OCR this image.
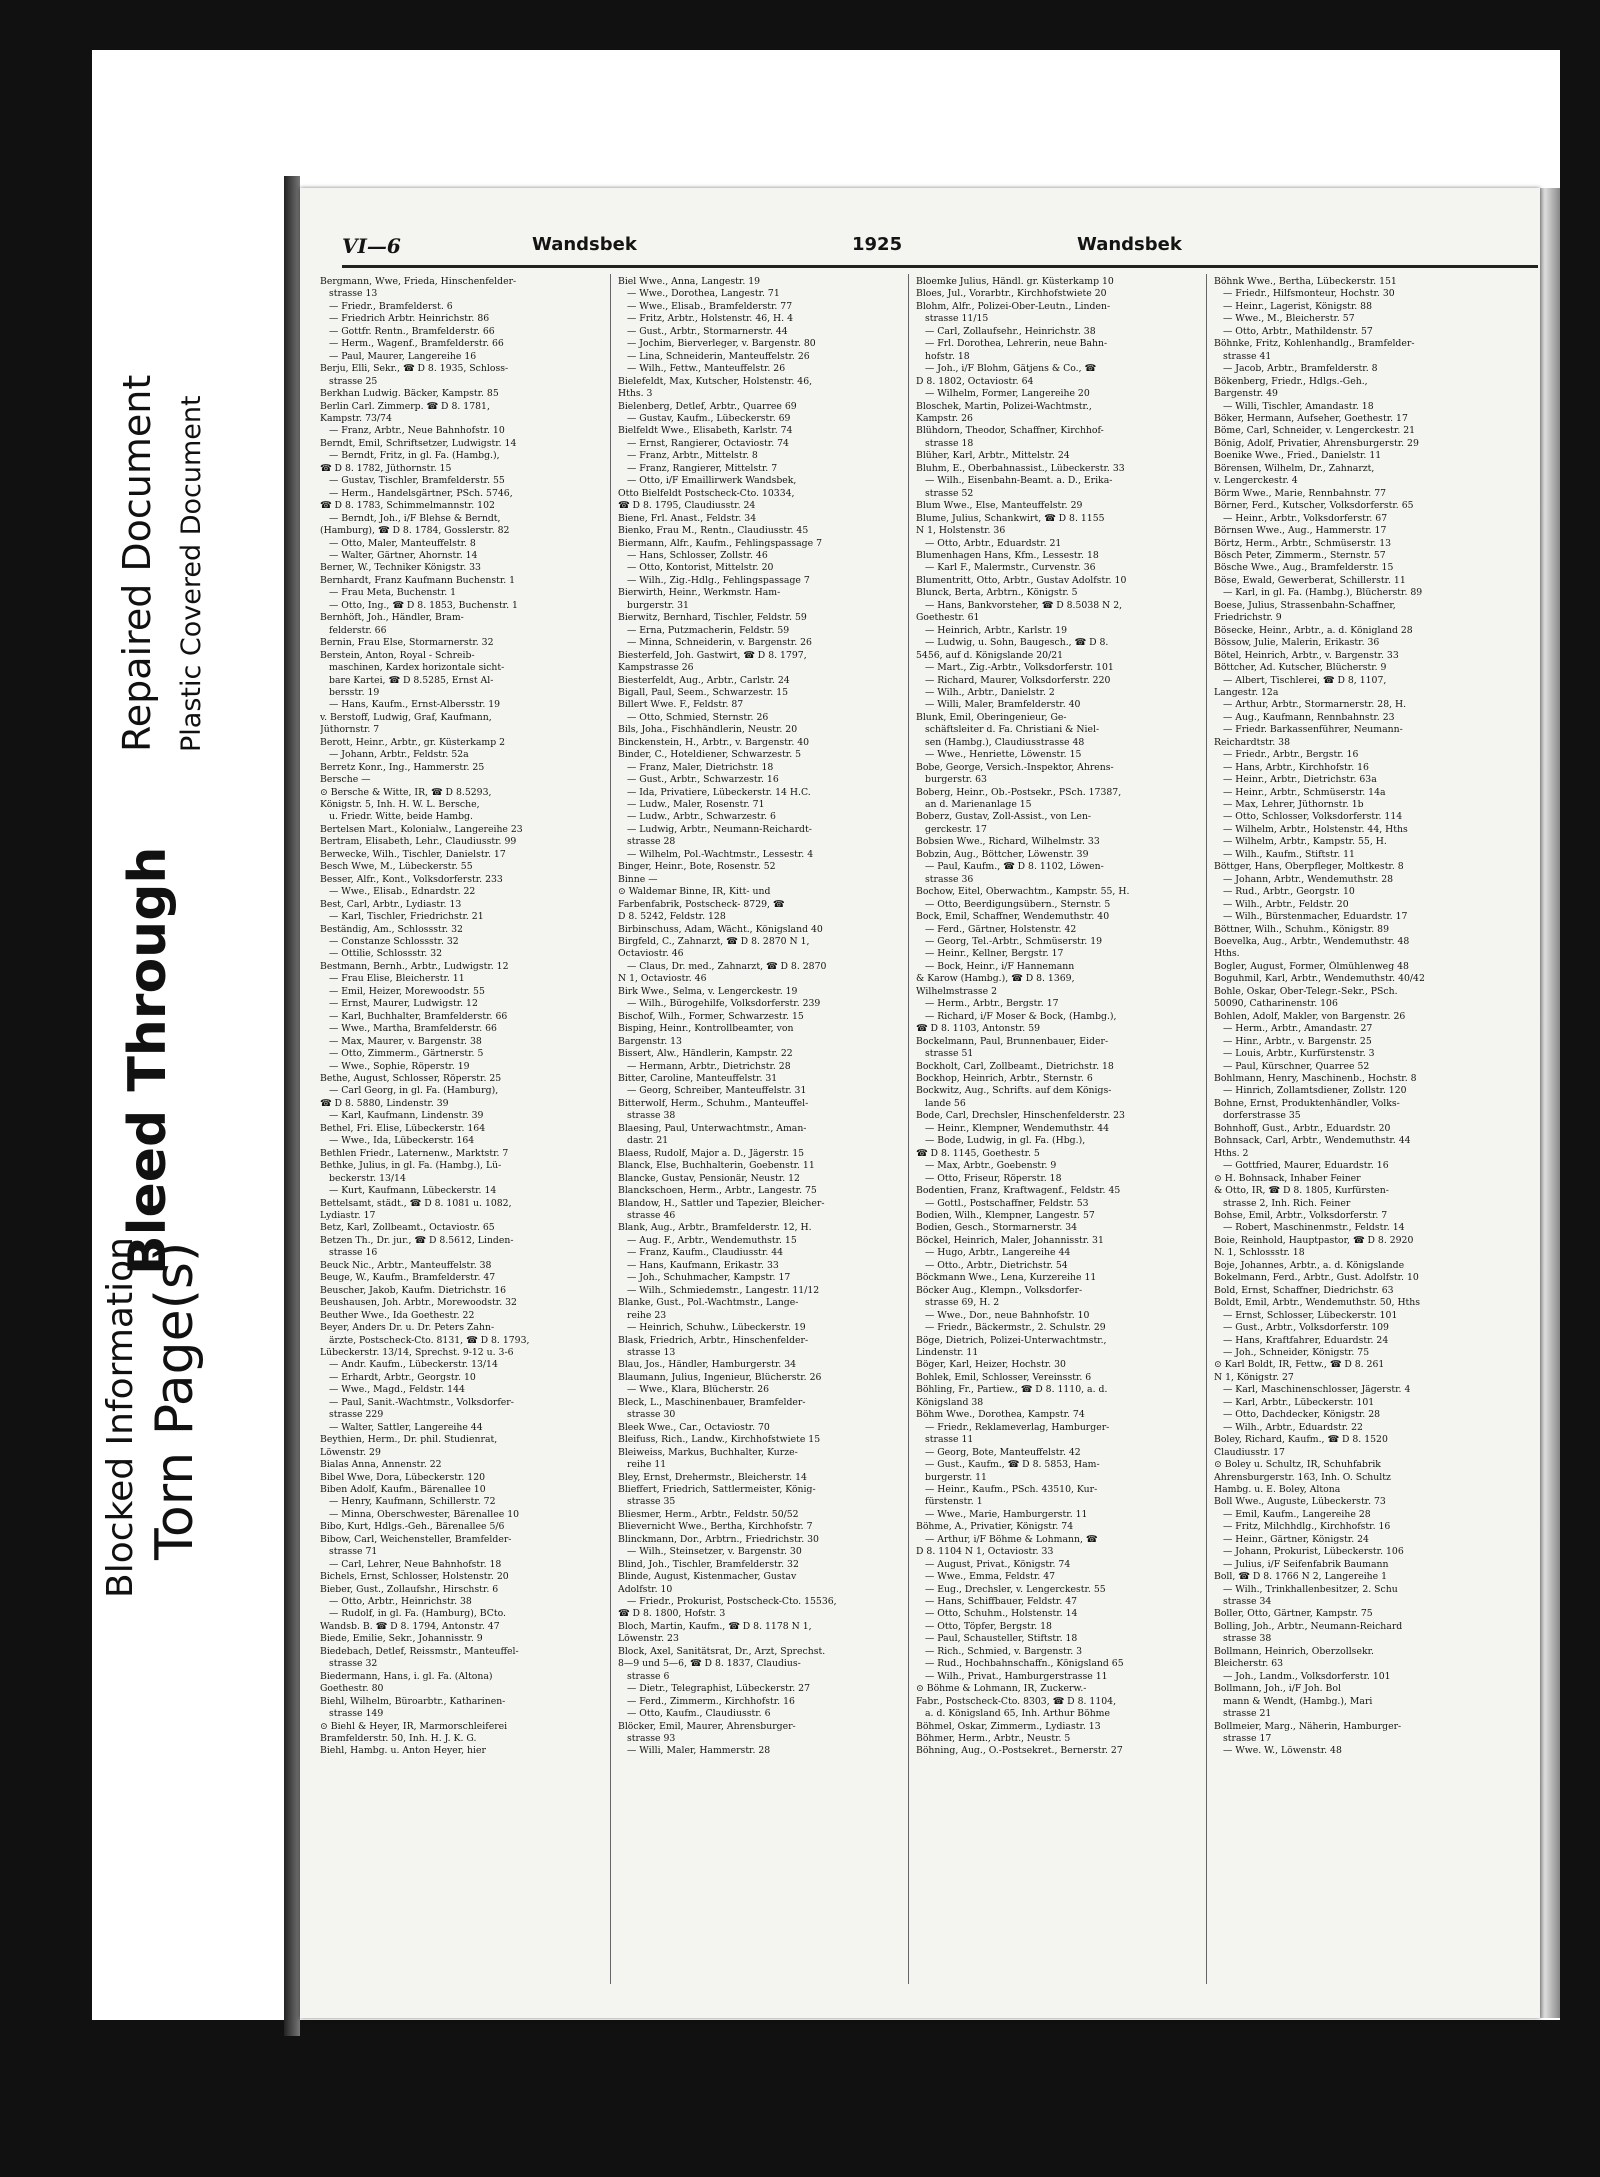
Blocked Information Torn Page(s)
Bleed Through
Repaired Document Plastic Covered Document
VI—6	Wandsbek	1925	Wandsbek
Bergmann, Wwe, Frieda, Hinschenfelder-
strasse 13
— Friedr., Bramfelderst. 6
— Friedrich Arbtr. Heinrichstr. 86
— Gottfr. Rentn., Bramfelderstr. 66
— Herm., Wagenf., Bramfelderstr. 66
— Paul, Maurer, Langereihe 16
Berju, Elli, Sekr., ☎ D 8. 1935, Schloss-
strasse 25
Berkhan Ludwig. Bäcker, Kampstr. 85
Berlin Carl. Zimmerp. ☎ D 8. 1781,
Kampstr. 73/74
— Franz, Arbtr., Neue Bahnhofstr. 10
Berndt, Emil, Schriftsetzer, Ludwigstr. 14
— Berndt, Fritz, in gl. Fa. (Hambg.),
☎ D 8. 1782, Jüthornstr. 15
— Gustav, Tischler, Bramfelderstr. 55
— Herm., Handelsgärtner, PSch. 5746,
☎ D 8. 1783, Schimmelmannstr. 102
— Berndt, Joh., i/F Blehse & Berndt,
(Hamburg), ☎ D 8. 1784, Gosslerstr. 82
— Otto, Maler, Manteuffelstr. 8
— Walter, Gärtner, Ahornstr. 14
Berner, W., Techniker Königstr. 33
Bernhardt, Franz Kaufmann Buchenstr. 1
— Frau Meta, Buchenstr. 1
— Otto, Ing., ☎ D 8. 1853, Buchenstr. 1
Bernhöft, Joh., Händler, Bram-
felderstr. 66
Bernin, Frau Else, Stormarnerstr. 32
Berstein, Anton, Royal - Schreib-
maschinen, Kardex horizontale sicht-
bare Kartei, ☎ D 8.5285, Ernst Al-
bersstr. 19
— Hans, Kaufm., Ernst-Albersstr. 19
v. Berstoff, Ludwig, Graf, Kaufmann,
Jüthornstr. 7
Berott, Heinr., Arbtr., gr. Küsterkamp 2
— Johann, Arbtr., Feldstr. 52a
Berretz Konr., Ing., Hammerstr. 25
Bersche —
⊙ Bersche & Witte, IR, ☎ D 8.5293,
Königstr. 5, Inh. H. W. L. Bersche,
u. Friedr. Witte, beide Hambg.
Bertelsen Mart., Kolonialw., Langereihe 23
Bertram, Elisabeth, Lehr., Claudiusstr. 99
Berwecke, Wilh., Tischler, Danielstr. 17
Besch Wwe, M., Lübeckerstr. 55
Besser, Alfr., Kont., Volksdorferstr. 233
— Wwe., Elisab., Ednardstr. 22
Best, Carl, Arbtr., Lydiastr. 13
— Karl, Tischler, Friedrichstr. 21
Beständig, Am., Schlossstr. 32
— Constanze Schlossstr. 32
— Ottilie, Schlossstr. 32
Bestmann, Bernh., Arbtr., Ludwigstr. 12
— Frau Elise, Bleicherstr. 11
— Emil, Heizer, Morewoodstr. 55
— Ernst, Maurer, Ludwigstr. 12
— Karl, Buchhalter, Bramfelderstr. 66
— Wwe., Martha, Bramfelderstr. 66
— Max, Maurer, v. Bargenstr. 38
— Otto, Zimmerm., Gärtnerstr. 5
— Wwe., Sophie, Röperstr. 19
Bethe, August, Schlosser, Röperstr. 25
— Carl Georg, in gl. Fa. (Hamburg),
☎ D 8. 5880, Lindenstr. 39
— Karl, Kaufmann, Lindenstr. 39
Bethel, Fri. Elise, Lübeckerstr. 164
— Wwe., Ida, Lübeckerstr. 164
Bethlen Friedr., Laternenw., Marktstr. 7
Bethke, Julius, in gl. Fa. (Hambg.), Lü-
beckerstr. 13/14
— Kurt, Kaufmann, Lübeckerstr. 14
Bettelsamt, städt., ☎ D 8. 1081 u. 1082,
Lydiastr. 17
Betz, Karl, Zollbeamt., Octaviostr. 65
Betzen Th., Dr. jur., ☎ D 8.5612, Linden-
strasse 16
Beuck Nic., Arbtr., Manteuffelstr. 38
Beuge, W., Kaufm., Bramfelderstr. 47
Beuscher, Jakob, Kaufm. Dietrichstr. 16
Beushausen, Joh. Arbtr., Morewoodstr. 32
Beuther Wwe., Ida Goethestr. 22
Beyer, Anders Dr. u. Dr. Peters Zahn-
ärzte, Postscheck-Cto. 8131, ☎ D 8. 1793,
Lübeckerstr. 13/14, Sprechst. 9-12 u. 3-6
— Andr. Kaufm., Lübeckerstr. 13/14
— Erhardt, Arbtr., Georgstr. 10
— Wwe., Magd., Feldstr. 144
— Paul, Sanit.-Wachtmstr., Volksdorfer-
strasse 229
— Walter, Sattler, Langereihe 44
Beythien, Herm., Dr. phil. Studienrat,
Löwenstr. 29
Bialas Anna, Annenstr. 22
Bibel Wwe, Dora, Lübeckerstr. 120
Biben Adolf, Kaufm., Bärenallee 10
— Henry, Kaufmann, Schillerstr. 72
— Minna, Oberschwester, Bärenallee 10
Bibo, Kurt, Hdlgs.-Geh., Bärenallee 5/6
Bibow, Carl, Weichensteller, Bramfelder-
strasse 71
— Carl, Lehrer, Neue Bahnhofstr. 18
Bichels, Ernst, Schlosser, Holstenstr. 20
Bieber, Gust., Zollaufshr., Hirschstr. 6
— Otto, Arbtr., Heinrichstr. 38
— Rudolf, in gl. Fa. (Hamburg), BCto.
Wandsb. B. ☎ D 8. 1794, Antonstr. 47
Biede, Emilie, Sekr., Johannisstr. 9
Biedebach, Detlef, Reissmstr., Manteuffel-
strasse 32
Biedermann, Hans, i. gl. Fa. (Altona)
Goethestr. 80
Biehl, Wilhelm, Büroarbtr., Katharinen-
strasse 149
⊙ Biehl & Heyer, IR, Marmorschleiferei
Bramfelderstr. 50, Inh. H. J. K. G.
Biehl, Hambg. u. Anton Heyer, hier
Biel Wwe., Anna, Langestr. 19
— Wwe., Dorothea, Langestr. 71
— Wwe., Elisab., Bramfelderstr. 77
— Fritz, Arbtr., Holstenstr. 46, H. 4
— Gust., Arbtr., Stormarnerstr. 44
— Jochim, Bierverleger, v. Bargenstr. 80
— Lina, Schneiderin, Manteuffelstr. 26
— Wilh., Fettw., Manteuffelstr. 26
Bielefeldt, Max, Kutscher, Holstenstr. 46,
Hths. 3
Bielenberg, Detlef, Arbtr., Quarree 69
— Gustav, Kaufm., Lübeckerstr. 69
Bielfeldt Wwe., Elisabeth, Karlstr. 74
— Ernst, Rangierer, Octaviostr. 74
— Franz, Arbtr., Mittelstr. 8
— Franz, Rangierer, Mittelstr. 7
— Otto, i/F Emaillirwerk Wandsbek,
Otto Bielfeldt Postscheck-Cto. 10334,
☎ D 8. 1795, Claudiusstr. 24
Biene, Frl. Anast., Feldstr. 34
Bienko, Frau M., Rentn., Claudiusstr. 45
Biermann, Alfr., Kaufm., Fehlingspassage 7
— Hans, Schlosser, Zollstr. 46
— Otto, Kontorist, Mittelstr. 20
— Wilh., Zig.-Hdlg., Fehlingspassage 7
Bierwirth, Heinr., Werkmstr. Ham-
burgerstr. 31
Bierwitz, Bernhard, Tischler, Feldstr. 59
— Erna, Putzmacherin, Feldstr. 59
— Minna, Schneiderin, v. Bargenstr. 26
Biesterfeld, Joh. Gastwirt, ☎ D 8. 1797,
Kampstrasse 26
Biesterfeldt, Aug., Arbtr., Carlstr. 24
Bigall, Paul, Seem., Schwarzestr. 15
Billert Wwe. F., Feldstr. 87
— Otto, Schmied, Sternstr. 26
Bils, Joha., Fischhändlerin, Neustr. 20
Binckenstein, H., Arbtr., v. Bargenstr. 40
Binder, C., Hoteldiener, Schwarzestr. 5
— Franz, Maler, Dietrichstr. 18
— Gust., Arbtr., Schwarzestr. 16
— Ida, Privatiere, Lübeckerstr. 14 H.C.
— Ludw., Maler, Rosenstr. 71
— Ludw., Arbtr., Schwarzestr. 6
— Ludwig, Arbtr., Neumann-Reichardt-
strasse 28
— Wilhelm, Pol.-Wachtmstr., Lessestr. 4
Binger, Heinr., Bote, Rosenstr. 52
Binne —
⊙ Waldemar Binne, IR, Kitt- und
Farbenfabrik, Postscheck- 8729, ☎
D 8. 5242, Feldstr. 128
Birbinschuss, Adam, Wächt., Königsland 40
Birgfeld, C., Zahnarzt, ☎ D 8. 2870 N 1,
Octaviostr. 46
— Claus, Dr. med., Zahnarzt, ☎ D 8. 2870
N 1, Octaviostr. 46
Birk Wwe., Selma, v. Lengerckestr. 19
— Wilh., Bürogehilfe, Volksdorferstr. 239
Bischof, Wilh., Former, Schwarzestr. 15
Bisping, Heinr., Kontrollbeamter, von
Bargenstr. 13
Bissert, Alw., Händlerin, Kampstr. 22
— Hermann, Arbtr., Dietrichstr. 28
Bitter, Caroline, Manteuffelstr. 31
— Georg, Schreiber, Manteuffelstr. 31
Bitterwolf, Herm., Schuhm., Manteuffel-
strasse 38
Blaesing, Paul, Unterwachtmstr., Aman-
dastr. 21
Blaess, Rudolf, Major a. D., Jägerstr. 15
Blanck, Else, Buchhalterin, Goebenstr. 11
Blancke, Gustav, Pensionär, Neustr. 12
Blanckschoen, Herm., Arbtr., Langestr. 75
Blandow, H., Sattler und Tapezier, Bleicher-
strasse 46
Blank, Aug., Arbtr., Bramfelderstr. 12, H.
— Aug. F., Arbtr., Wendemuthstr. 15
— Franz, Kaufm., Claudiusstr. 44
— Hans, Kaufmann, Erikastr. 33
— Joh., Schuhmacher, Kampstr. 17
— Wilh., Schmiedemstr., Langestr. 11/12
Blanke, Gust., Pol.-Wachtmstr., Lange-
reihe 23
— Heinrich, Schuhw., Lübeckerstr. 19
Blask, Friedrich, Arbtr., Hinschenfelder-
strasse 13
Blau, Jos., Händler, Hamburgerstr. 34
Blaumann, Julius, Ingenieur, Blücherstr. 26
— Wwe., Klara, Blücherstr. 26
Bleck, L., Maschinenbauer, Bramfelder-
strasse 30
Bleek Wwe., Car., Octaviostr. 70
Bleifuss, Rich., Landw., Kirchhofstwiete 15
Bleiweiss, Markus, Buchhalter, Kurze-
reihe 11
Bley, Ernst, Drehermstr., Bleicherstr. 14
Blieffert, Friedrich, Sattlermeister, König-
strasse 35
Bliesmer, Herm., Arbtr., Feldstr. 50/52
Blievernicht Wwe., Bertha, Kirchhofstr. 7
Blinckmann, Dor., Arbtrn., Friedrichstr. 30
— Wilh., Steinsetzer, v. Bargenstr. 30
Blind, Joh., Tischler, Bramfelderstr. 32
Blinde, August, Kistenmacher, Gustav
Adolfstr. 10
— Friedr., Prokurist, Postscheck-Cto. 15536,
☎ D 8. 1800, Hofstr. 3
Bloch, Martin, Kaufm., ☎ D 8. 1178 N 1,
Löwenstr. 23
Block, Axel, Sanitätsrat, Dr., Arzt, Sprechst.
8—9 und 5—6, ☎ D 8. 1837, Claudius-
strasse 6
— Dietr., Telegraphist, Lübeckerstr. 27
— Ferd., Zimmerm., Kirchhofstr. 16
— Otto, Kaufm., Claudiusstr. 6
Blöcker, Emil, Maurer, Ahrensburger-
strasse 93
— Willi, Maler, Hammerstr. 28
Bloemke Julius, Händl. gr. Küsterkamp 10
Bloes, Jul., Vorarbtr., Kirchhofstwiete 20
Blohm, Alfr., Polizei-Ober-Leutn., Linden-
strasse 11/15
— Carl, Zollaufsehr., Heinrichstr. 38
— Frl. Dorothea, Lehrerin, neue Bahn-
hofstr. 18
— Joh., i/F Blohm, Gätjens & Co., ☎
D 8. 1802, Octaviostr. 64
— Wilhelm, Former, Langereihe 20
Bloschek, Martin, Polizei-Wachtmstr.,
Kampstr. 26
Blühdorn, Theodor, Schaffner, Kirchhof-
strasse 18
Blüher, Karl, Arbtr., Mittelstr. 24
Bluhm, E., Oberbahnassist., Lübeckerstr. 33
— Wilh., Eisenbahn-Beamt. a. D., Erika-
strasse 52
Blum Wwe., Else, Manteuffelstr. 29
Blume, Julius, Schankwirt, ☎ D 8. 1155
N 1, Holstenstr. 36
— Otto, Arbtr., Eduardstr. 21
Blumenhagen Hans, Kfm., Lessestr. 18
— Karl F., Malermstr., Curvenstr. 36
Blumentritt, Otto, Arbtr., Gustav Adolfstr. 10
Blunck, Berta, Arbtrn., Königstr. 5
— Hans, Bankvorsteher, ☎ D 8.5038 N 2,
Goethestr. 61
— Heinrich, Arbtr., Karlstr. 19
— Ludwig, u. Sohn, Baugesch., ☎ D 8.
5456, auf d. Königslande 20/21
— Mart., Zig.-Arbtr., Volksdorferstr. 101
— Richard, Maurer, Volksdorferstr. 220
— Wilh., Arbtr., Danielstr. 2
— Willi, Maler, Bramfelderstr. 40
Blunk, Emil, Oberingenieur, Ge-
schäftsleiter d. Fa. Christiani & Niel-
sen (Hambg.), Claudiusstrasse 48
— Wwe., Henriette, Löwenstr. 15
Bobe, George, Versich.-Inspektor, Ahrens-
burgerstr. 63
Boberg, Heinr., Ob.-Postsekr., PSch. 17387,
an d. Marienanlage 15
Boberz, Gustav, Zoll-Assist., von Len-
gerckestr. 17
Bobsien Wwe., Richard, Wilhelmstr. 33
Bobzin, Aug., Böttcher, Löwenstr. 39
— Paul, Kaufm., ☎ D 8. 1102, Löwen-
strasse 36
Bochow, Eitel, Oberwachtm., Kampstr. 55, H.
— Otto, Beerdigungsübern., Sternstr. 5
Bock, Emil, Schaffner, Wendemuthstr. 40
— Ferd., Gärtner, Holstenstr. 42
— Georg, Tel.-Arbtr., Schmüserstr. 19
— Heinr., Kellner, Bergstr. 17
— Bock, Heinr., i/F Hannemann
& Karow (Hambg.), ☎ D 8. 1369,
Wilhelmstrasse 2
— Herm., Arbtr., Bergstr. 17
— Richard, i/F Moser & Bock, (Hambg.),
☎ D 8. 1103, Antonstr. 59
Bockelmann, Paul, Brunnenbauer, Eider-
strasse 51
Bockholt, Carl, Zollbeamt., Dietrichstr. 18
Bockhop, Heinrich, Arbtr., Sternstr. 6
Bockwitz, Aug., Schrifts. auf dem Königs-
lande 56
Bode, Carl, Drechsler, Hinschenfelderstr. 23
— Heinr., Klempner, Wendemuthstr. 44
— Bode, Ludwig, in gl. Fa. (Hbg.),
☎ D 8. 1145, Goethestr. 5
— Max, Arbtr., Goebenstr. 9
— Otto, Friseur, Röperstr. 18
Bodentien, Franz, Kraftwagenf., Feldstr. 45
— Gottl., Postschaffner, Feldstr. 53
Bodien, Wilh., Klempner, Langestr. 57
Bodien, Gesch., Stormarnerstr. 34
Böckel, Heinrich, Maler, Johannisstr. 31
— Hugo, Arbtr., Langereihe 44
— Otto., Arbtr., Dietrichstr. 54
Böckmann Wwe., Lena, Kurzereihe 11
Böcker Aug., Klempn., Volksdorfer-
strasse 69, H. 2
— Wwe., Dor., neue Bahnhofstr. 10
— Friedr., Bäckermstr., 2. Schulstr. 29
Böge, Dietrich, Polizei-Unterwachtmstr.,
Lindenstr. 11
Böger, Karl, Heizer, Hochstr. 30
Bohlek, Emil, Schlosser, Vereinsstr. 6
Böhling, Fr., Partiew., ☎ D 8. 1110, a. d.
Königsland 38
Böhm Wwe., Dorothea, Kampstr. 74
— Friedr., Reklameverlag, Hamburger-
strasse 11
— Georg, Bote, Manteuffelstr. 42
— Gust., Kaufm., ☎ D 8. 5853, Ham-
burgerstr. 11
— Heinr., Kaufm., PSch. 43510, Kur-
fürstenstr. 1
— Wwe., Marie, Hamburgerstr. 11
Böhme, A., Privatier, Königstr. 74
— Arthur, i/F Böhme & Lohmann, ☎
D 8. 1104 N 1, Octaviostr. 33
— August, Privat., Königstr. 74
— Wwe., Emma, Feldstr. 47
— Eug., Drechsler, v. Lengerckestr. 55
— Hans, Schiffbauer, Feldstr. 47
— Otto, Schuhm., Holstenstr. 14
— Otto, Töpfer, Bergstr. 18
— Paul, Schausteller, Stiftstr. 18
— Rich., Schmied, v. Bargenstr. 3
— Rud., Hochbahnschaffn., Königsland 65
— Wilh., Privat., Hamburgerstrasse 11
⊙ Böhme & Lohmann, IR, Zuckerw.-
Fabr., Postscheck-Cto. 8303, ☎ D 8. 1104,
a. d. Königsland 65, Inh. Arthur Böhme
Böhmel, Oskar, Zimmerm., Lydiastr. 13
Böhmer, Herm., Arbtr., Neustr. 5
Böhning, Aug., O.-Postsekret., Bernerstr. 27
Böhnk Wwe., Bertha, Lübeckerstr. 151
— Friedr., Hilfsmonteur, Hochstr. 30
— Heinr., Lagerist, Königstr. 88
— Wwe., M., Bleicherstr. 57
— Otto, Arbtr., Mathildenstr. 57
Böhnke, Fritz, Kohlenhandlg., Bramfelder-
strasse 41
— Jacob, Arbtr., Bramfelderstr. 8
Bökenberg, Friedr., Hdlgs.-Geh.,
Bargenstr. 49
— Willi, Tischler, Amandastr. 18
Böker, Hermann, Aufseher, Goethestr. 17
Böme, Carl, Schneider, v. Lengerckestr. 21
Bönig, Adolf, Privatier, Ahrensburgerstr. 29
Boenike Wwe., Fried., Danielstr. 11
Börensen, Wilhelm, Dr., Zahnarzt,
v. Lengerckestr. 4
Börm Wwe., Marie, Rennbahnstr. 77
Börner, Ferd., Kutscher, Volksdorferstr. 65
— Heinr., Arbtr., Volksdorferstr. 67
Börnsen Wwe., Aug., Hammerstr. 17
Börtz, Herm., Arbtr., Schmüserstr. 13
Bösch Peter, Zimmerm., Sternstr. 57
Bösche Wwe., Aug., Bramfelderstr. 15
Böse, Ewald, Gewerberat, Schillerstr. 11
— Karl, in gl. Fa. (Hambg.), Blücherstr. 89
Boese, Julius, Strassenbahn-Schaffner,
Friedrichstr. 9
Bösecke, Heinr., Arbtr., a. d. Königland 28
Bössow, Julie, Malerin, Erikastr. 36
Bötel, Heinrich, Arbtr., v. Bargenstr. 33
Böttcher, Ad. Kutscher, Blücherstr. 9
— Albert, Tischlerei, ☎ D 8, 1107,
Langestr. 12a
— Arthur, Arbtr., Stormarnerstr. 28, H.
— Aug., Kaufmann, Rennbahnstr. 23
— Friedr. Barkassenführer, Neumann-
Reichardtstr. 38
— Friedr., Arbtr., Bergstr. 16
— Hans, Arbtr., Kirchhofstr. 16
— Heinr., Arbtr., Dietrichstr. 63a
— Heinr., Arbtr., Schmüserstr. 14a
— Max, Lehrer, Jüthornstr. 1b
— Otto, Schlosser, Volksdorferstr. 114
— Wilhelm, Arbtr., Holstenstr. 44, Hths
— Wilhelm, Arbtr., Kampstr. 55, H.
— Wilh., Kaufm., Stiftstr. 11
Böttger, Hans, Oberpfleger, Moltkestr. 8
— Johann, Arbtr., Wendemuthstr. 28
— Rud., Arbtr., Georgstr. 10
— Wilh., Arbtr., Feldstr. 20
— Wilh., Bürstenmacher, Eduardstr. 17
Böttner, Wilh., Schuhm., Königstr. 89
Boevelka, Aug., Arbtr., Wendemuthstr. 48
Hths.
Bogler, August, Former, Ölmühlenweg 48
Boguhmil, Karl, Arbtr., Wendemuthstr. 40/42
Bohle, Oskar, Ober-Telegr.-Sekr., PSch.
50090, Catharinenstr. 106
Bohlen, Adolf, Makler, von Bargenstr. 26
— Herm., Arbtr., Amandastr. 27
— Hinr., Arbtr., v. Bargenstr. 25
— Louis, Arbtr., Kurfürstenstr. 3
— Paul, Kürschner, Quarree 52
Bohlmann, Henry, Maschinenb., Hochstr. 8
— Hinrich, Zollamtsdiener, Zollstr. 120
Bohne, Ernst, Produktenhändler, Volks-
dorferstrasse 35
Bohnhoff, Gust., Arbtr., Eduardstr. 20
Bohnsack, Carl, Arbtr., Wendemuthstr. 44
Hths. 2
— Gottfried, Maurer, Eduardstr. 16
⊙ H. Bohnsack, Inhaber Feiner
& Otto, IR, ☎ D 8. 1805, Kurfürsten-
strasse 2, Inh. Rich. Feiner
Bohse, Emil, Arbtr., Volksdorferstr. 7
— Robert, Maschinenmstr., Feldstr. 14
Boie, Reinhold, Hauptpastor, ☎ D 8. 2920
N. 1, Schlossstr. 18
Boje, Johannes, Arbtr., a. d. Königslande
Bokelmann, Ferd., Arbtr., Gust. Adolfstr. 10
Bold, Ernst, Schaffner, Diedrichstr. 63
Boldt, Emil, Arbtr., Wendemuthstr. 50, Hths
— Ernst, Schlosser, Lübeckerstr. 101
— Gust., Arbtr., Volksdorferstr. 109
— Hans, Kraftfahrer, Eduardstr. 24
— Joh., Schneider, Königstr. 75
⊙ Karl Boldt, IR, Fettw., ☎ D 8. 261
N 1, Königstr. 27
— Karl, Maschinenschlosser, Jägerstr. 4
— Karl, Arbtr., Lübeckerstr. 101
— Otto, Dachdecker, Königstr. 28
— Wilh., Arbtr., Eduardstr. 22
Boley, Richard, Kaufm., ☎ D 8. 1520
Claudiusstr. 17
⊙ Boley u. Schultz, IR, Schuhfabrik
Ahrensburgerstr. 163, Inh. O. Schultz
Hambg. u. E. Boley, Altona
Boll Wwe., Auguste, Lübeckerstr. 73
— Emil, Kaufm., Langereihe 28
— Fritz, Milchhdlg., Kirchhofstr. 16
— Heinr., Gärtner, Königstr. 24
— Johann, Prokurist, Lübeckerstr. 106
— Julius, i/F Seifenfabrik Baumann
Boll, ☎ D 8. 1766 N 2, Langereihe 1
— Wilh., Trinkhallenbesitzer, 2. Schu
strasse 34
Boller, Otto, Gärtner, Kampstr. 75
Bolling, Joh., Arbtr., Neumann-Reichard
strasse 38
Bollmann, Heinrich, Oberzollsekr.
Bleicherstr. 63
— Joh., Landm., Volksdorferstr. 101
Bollmann, Joh., i/F Joh. Bol
mann & Wendt, (Hambg.), Mari
strasse 21
Bollmeier, Marg., Näherin, Hamburger-
strasse 17
— Wwe. W., Löwenstr. 48
